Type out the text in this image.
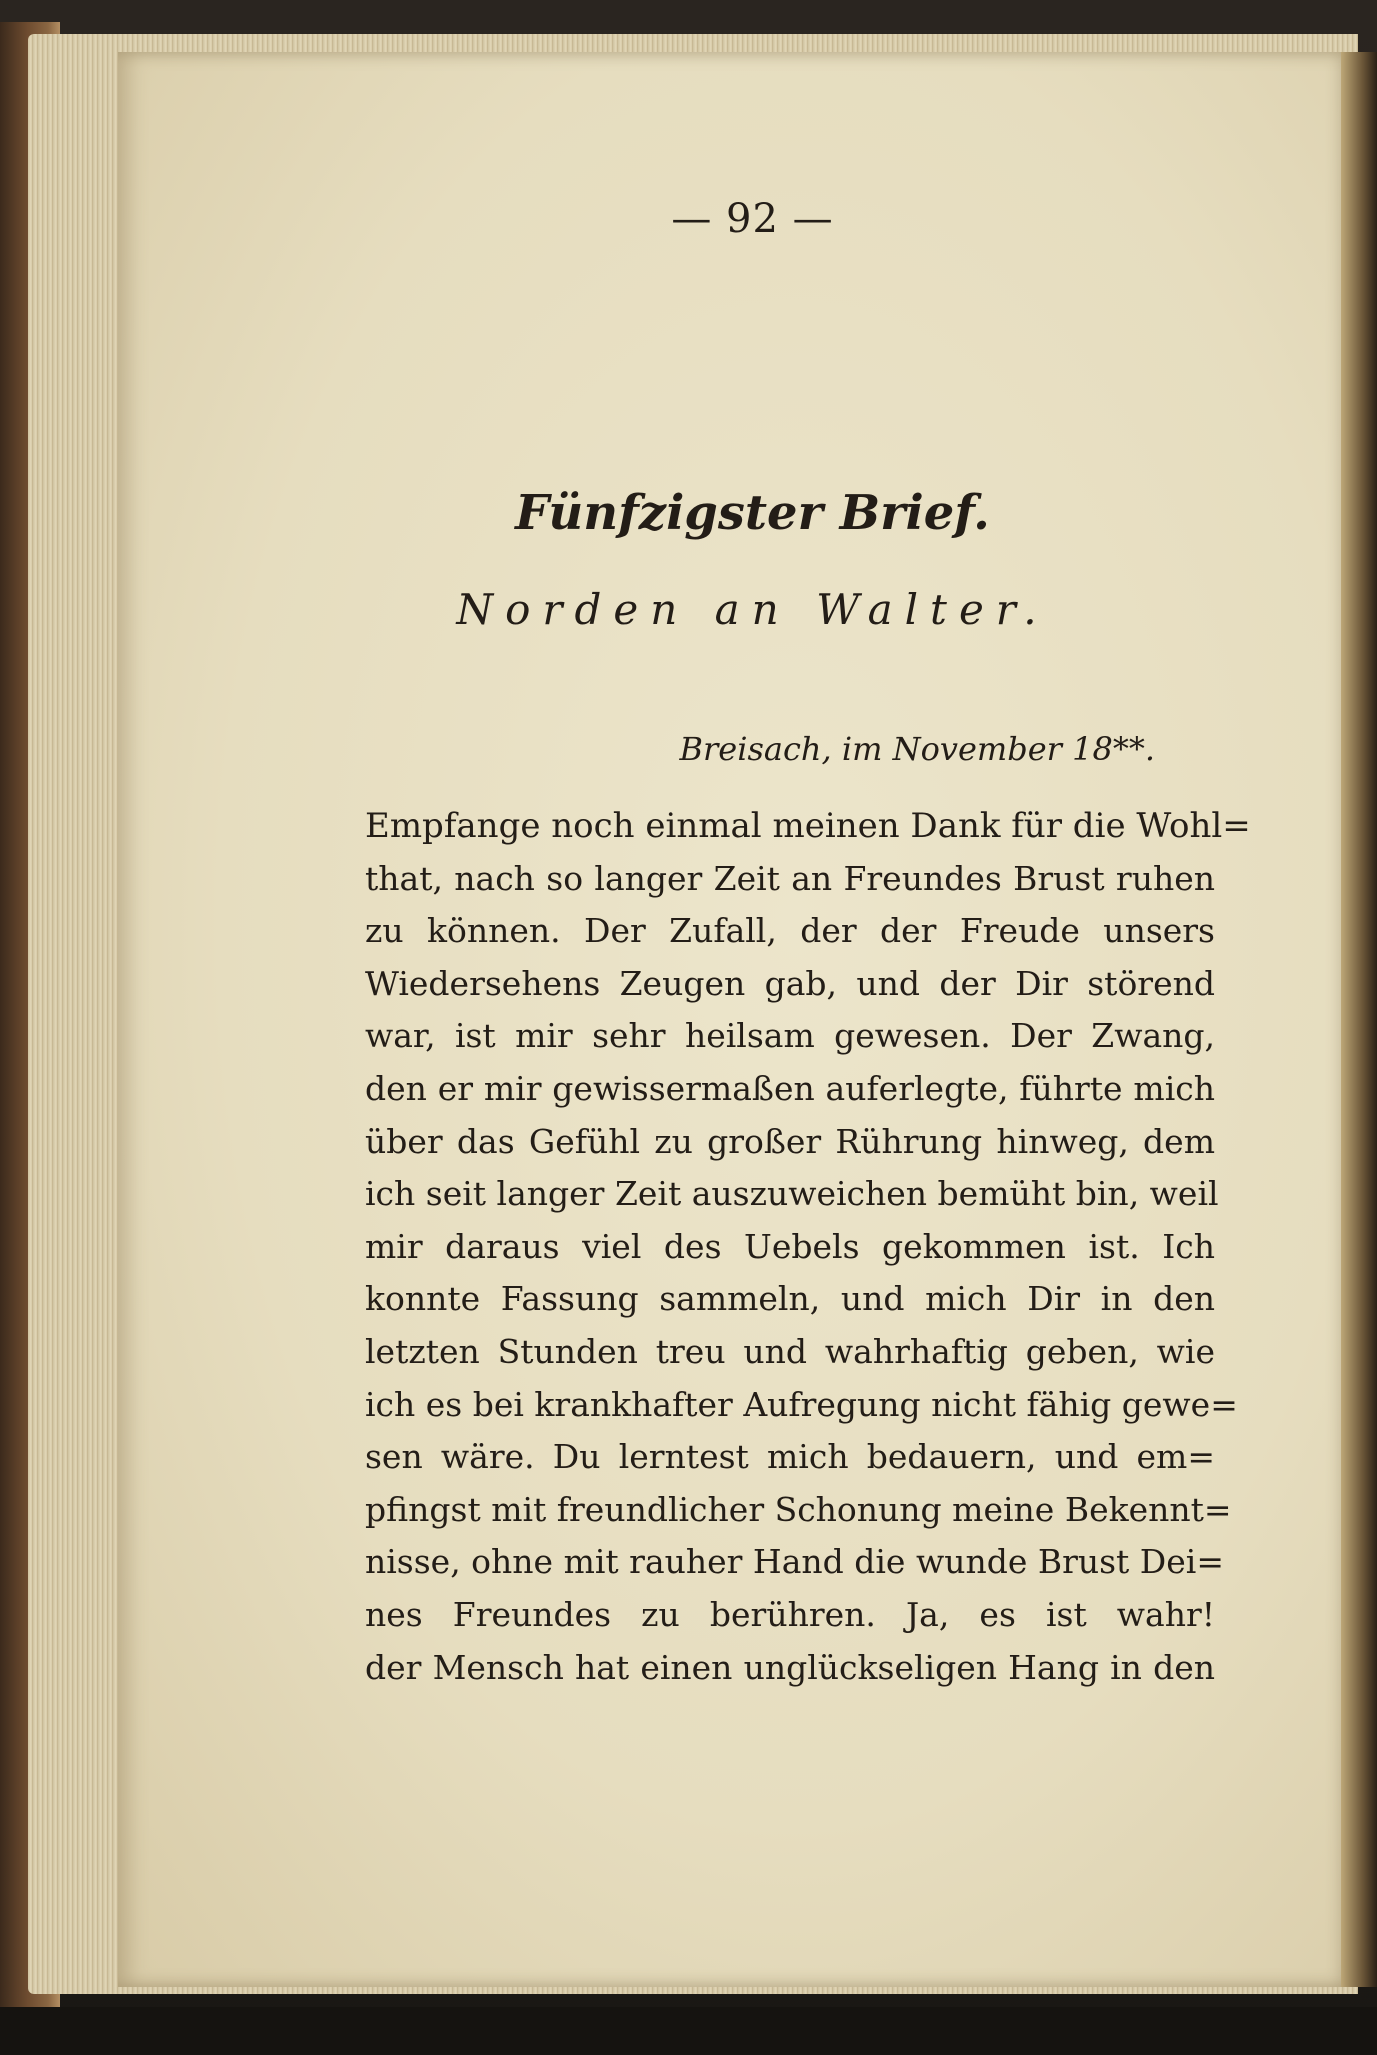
— 92 —
Fünfzigster Brief.
Norden an Walter.
Breisach, im November 18**.
Empfange noch einmal meinen Dank für die Wohl=
that, nach so langer Zeit an Freundes Brust ruhen
zu können. Der Zufall, der der Freude unsers
Wiedersehens Zeugen gab, und der Dir störend
war, ist mir sehr heilsam gewesen. Der Zwang,
den er mir gewissermaßen auferlegte, führte mich
über das Gefühl zu großer Rührung hinweg, dem
ich seit langer Zeit auszuweichen bemüht bin, weil
mir daraus viel des Uebels gekommen ist. Ich
konnte Fassung sammeln, und mich Dir in den
letzten Stunden treu und wahrhaftig geben, wie
ich es bei krankhafter Aufregung nicht fähig gewe=
sen wäre. Du lerntest mich bedauern, und em=
pfingst mit freundlicher Schonung meine Bekennt=
nisse, ohne mit rauher Hand die wunde Brust Dei=
nes Freundes zu berühren. Ja, es ist wahr!
der Mensch hat einen unglückseligen Hang in den
